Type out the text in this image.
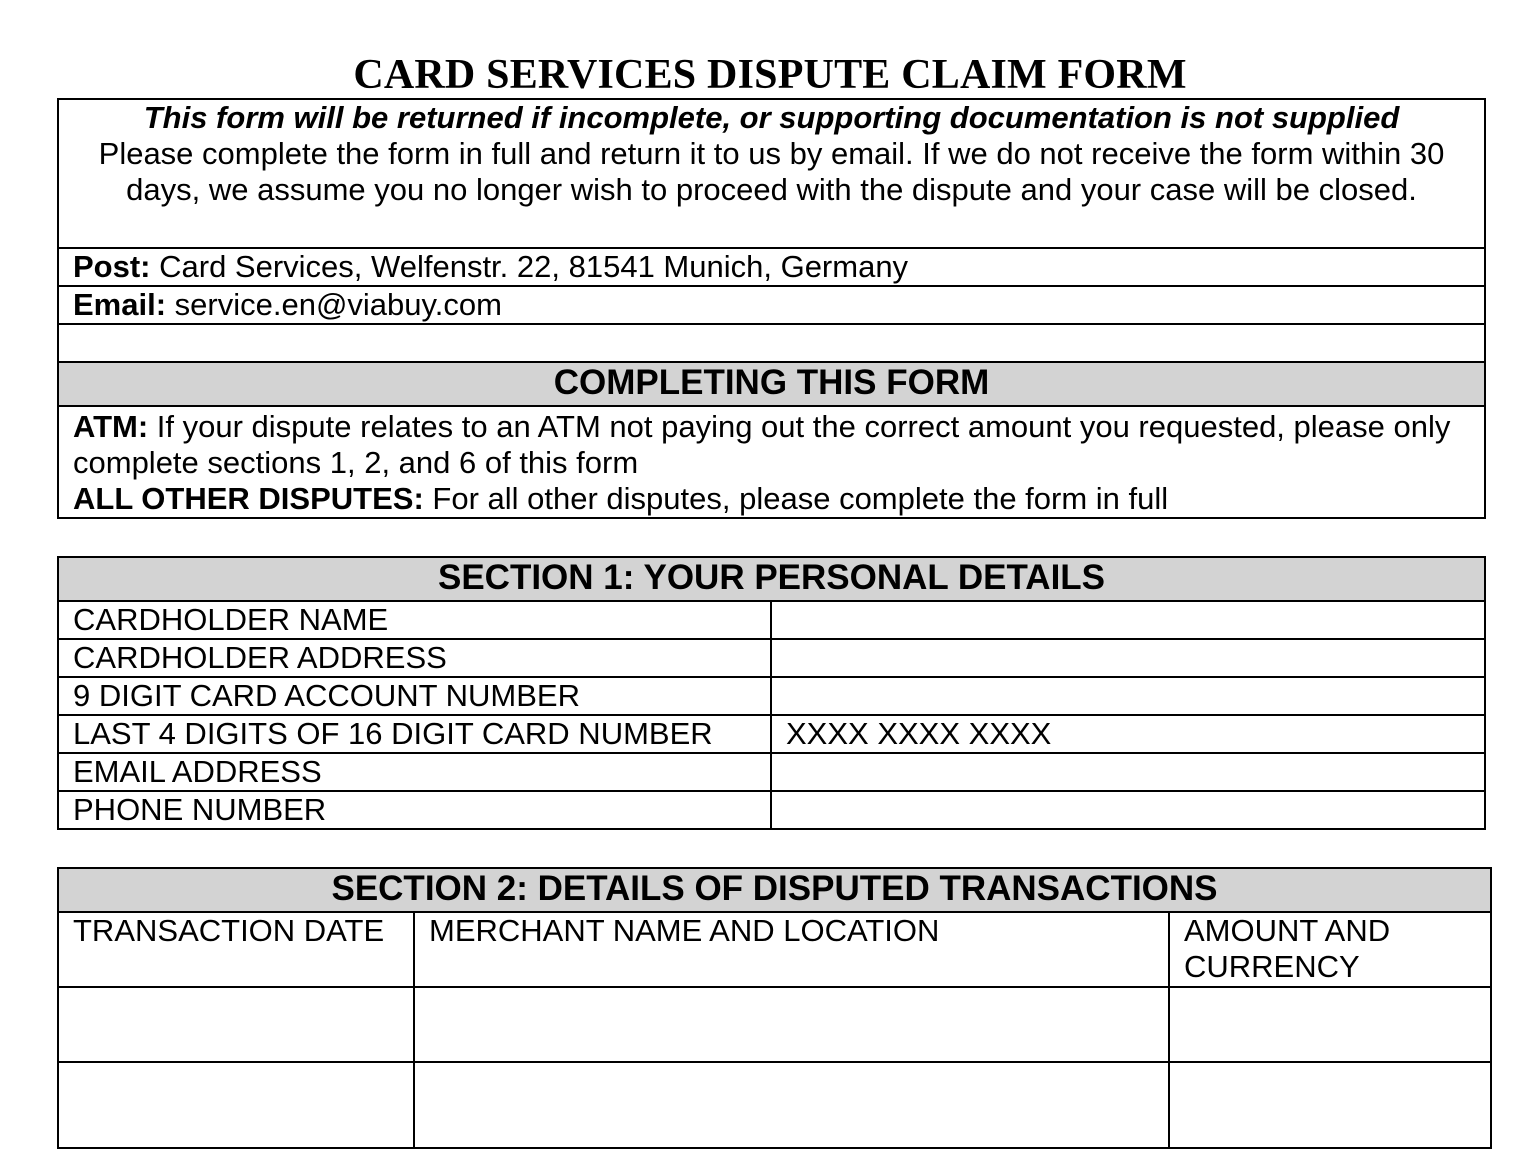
CARD SERVICES DISPUTE CLAIM FORM
This form will be returned if incomplete, or supporting documentation is not supplied
Please complete the form in full and return it to us by email. If we do not receive the form within 30 days, we assume you no longer wish to proceed with the dispute and your case will be closed.

Post: Card Services, Welfenstr. 22, 81541 Munich, Germany
Email: service.en@viabuy.com

COMPLETING THIS FORM

ATM: If your dispute relates to an ATM not paying out the correct amount you requested, please only complete sections 1, 2, and 6 of this form
ALL OTHER DISPUTES: For all other disputes, please complete the form in full
SECTION 1: YOUR PERSONAL DETAILS	
CARDHOLDER NAME	
CARDHOLDER ADDRESS	
9 DIGIT CARD ACCOUNT NUMBER	
LAST 4 DIGITS OF 16 DIGIT CARD NUMBER	XXXX XXXX XXXX
EMAIL ADDRESS	
PHONE NUMBER	
SECTION 2: DETAILS OF DISPUTED TRANSACTIONS		
TRANSACTION DATE	MERCHANT NAME AND LOCATION	AMOUNT AND CURRENCY
